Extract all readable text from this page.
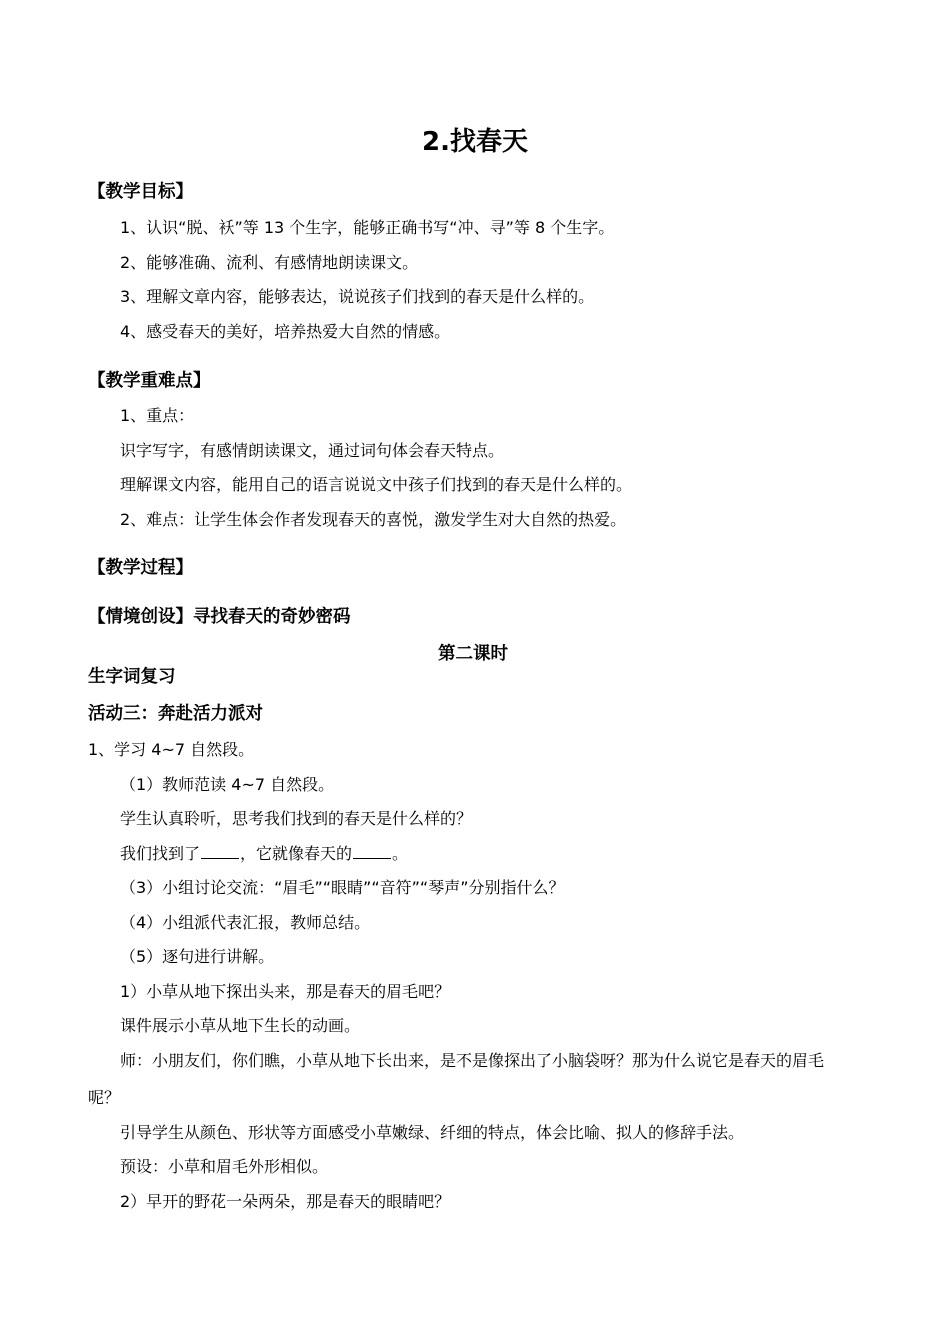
2.找春天
【教学目标】
1、认识“脱、袄”等 13 个生字，能够正确书写“冲、寻”等 8 个生字。
2、能够准确、流利、有感情地朗读课文。
3、理解文章内容，能够表达，说说孩子们找到的春天是什么样的。
4、感受春天的美好，培养热爱大自然的情感。
【教学重难点】
1、重点：
识字写字，有感情朗读课文，通过词句体会春天特点。
理解课文内容，能用自己的语言说说文中孩子们找到的春天是什么样的。
2、难点：让学生体会作者发现春天的喜悦，激发学生对大自然的热爱。
【教学过程】
【情境创设】寻找春天的奇妙密码
第二课时
生字词复习
活动三：奔赴活力派对
1、学习 4~7 自然段。
（1）教师范读 4~7 自然段。
学生认真聆听，思考我们找到的春天是什么样的？
我们找到了	，它就像春天的	。
（3）小组讨论交流：“眉毛”“眼睛”“音符”“琴声”分别指什么？
（4）小组派代表汇报，教师总结。
（5）逐句进行讲解。
1）小草从地下探出头来，那是春天的眉毛吧？
课件展示小草从地下生长的动画。
师：小朋友们，你们瞧，小草从地下长出来，是不是像探出了小脑袋呀？那为什么说它是春天的眉毛
呢？
引导学生从颜色、形状等方面感受小草嫩绿、纤细的特点，体会比喻、拟人的修辞手法。
预设：小草和眉毛外形相似。
2）早开的野花一朵两朵，那是春天的眼睛吧？
